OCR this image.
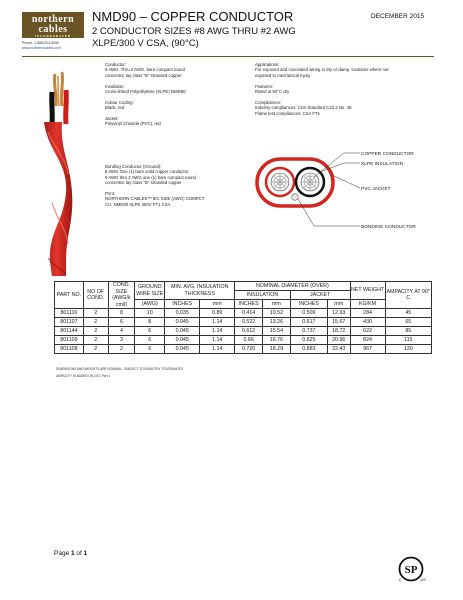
northern
cables
INCORPORATED
Phone: 1-888-524-5050
www.northerncables.com
NMD90 – COPPER CONDUCTOR
2 CONDUCTOR SIZES #8 AWG THRU #2 AWG
XLPE/300 V CSA, (90°C)
DECEMBER 2015
Conductor:
8 AWG. Thru 2 AWG. bare compact round
concentric lay class "B" stranded copper
Insulation:
Cross-linked Polyethylene (XLPE) NMD90
Colour Coding:
Black, red
Jacket:
Polyvinyl Chloride (PVC), red
Bonding Conductor (Ground):
8 AWG One (1) bare solid copper conductor
6 AWG thru 2 AWG one (1) bare compact round
concentric lay class "B" stranded copper
Print:
NORTHERN CABLES™ 8/C SIZE (AWG) COMPCT
CU. NMD90 XLPE 300V FT1 CSA
Applications:
For exposed and concealed wiring in dry or damp, locations where not
exposed to mechanical injury
Features:
Rated at 90°C dry
Compliances:
Industry compliances: CSA Standard C22.2 No. 48
Flame test compliances: CSA FT1
COPPER CONDUCTOR
XLPE INSULATION
PVC JACKET
BONDING CONDUCTOR
PART NO.	NO OF COND.	COND. SIZE (AWG/k cmil)	GROUND WIRE SIZE	MIN. AVG. INSULATION THICKNESS		NOMINAL DIAMETER (OVER)				NET WEIGHT	AMPACITY AT 90° C
						INSULATION		JACKET			
			(AWG)	INCHES	mm	INCHES	mm	INCHES	mm	KG/KM	
801116	2	8	10	0.035	0.89	0.414	10.52	0.509	12.93	284	45
801107	2	6	8	0.045	1.14	0.522	13.26	0.617	15.67	430	65
801144	2	4	6	0.045	1.14	0.612	15.54	0.737	18.72	622	85
801109	2	3	6	0.045	1.14	0.66	16.76	0.825	20.96	824	115
801108	2	2	6	0.045	1.14	0.720	18.29	0.883	22.43	967	130
DIMENSIONS AND WEIGHTS ARE NOMINAL, SUBJECT TO INDUSTRY TOLERANCES
AMPACITY IS BASED ON CEC Part 1
Page 1 of 1
SP
US
C
